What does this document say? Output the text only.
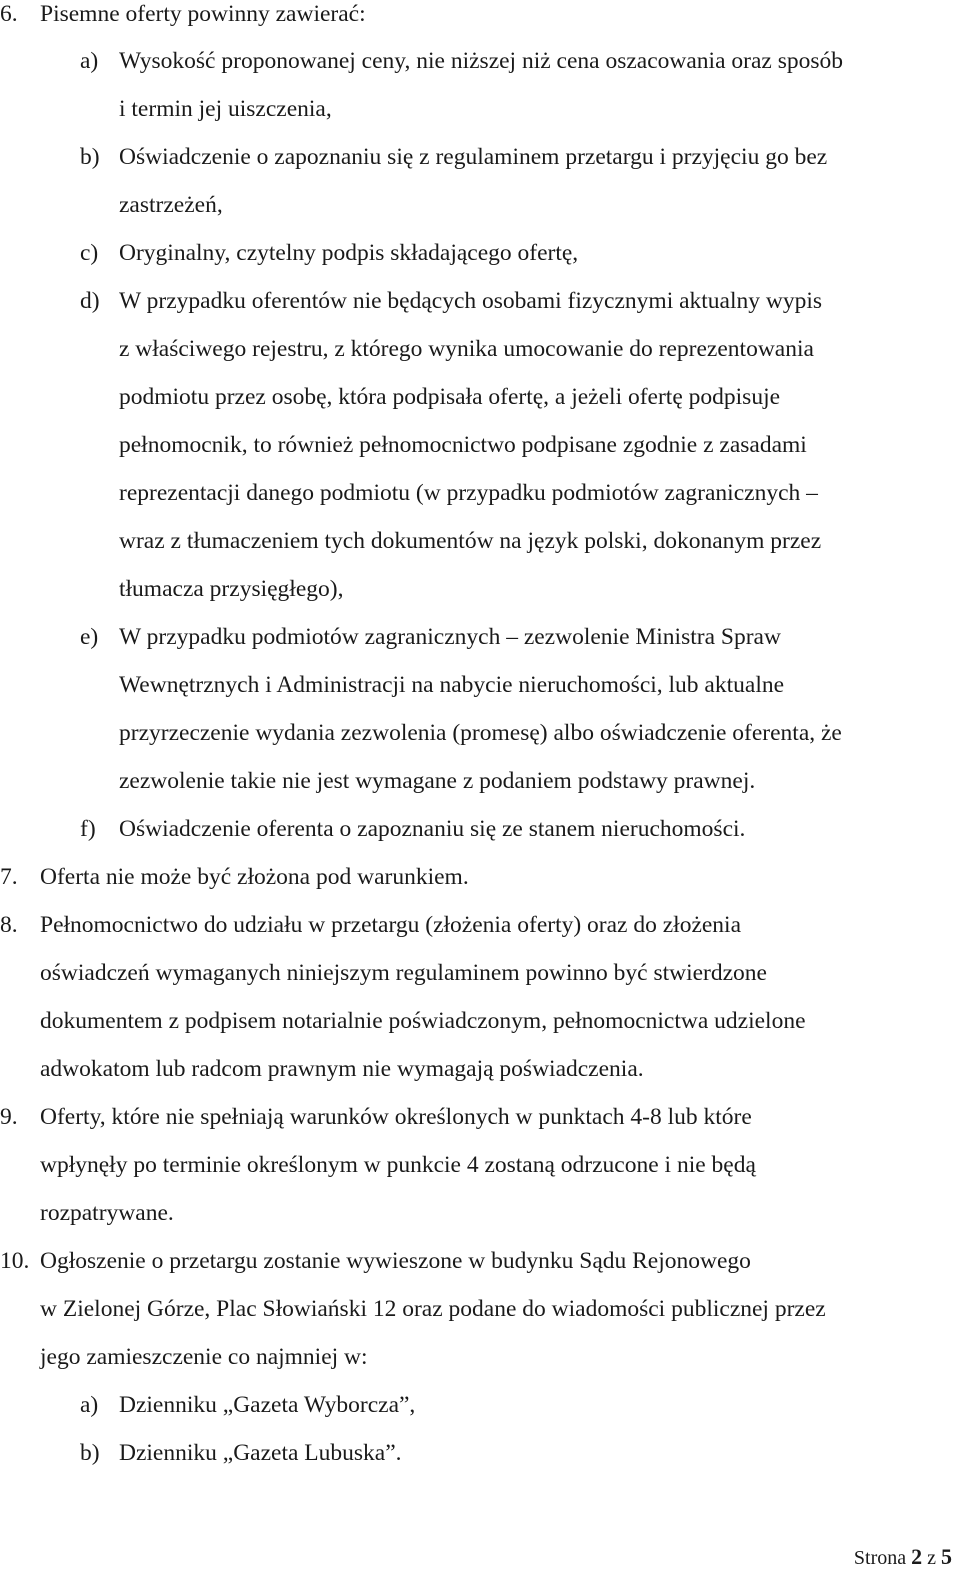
6. Pisemne oferty powinny zawierać:
a) Wysokość proponowanej ceny, nie niższej niż cena oszacowania oraz sposób
i termin jej uiszczenia,
b) Oświadczenie o zapoznaniu się z regulaminem przetargu i przyjęciu go bez
zastrzeżeń,
c) Oryginalny, czytelny podpis składającego ofertę,
d) W przypadku oferentów nie będących osobami fizycznymi aktualny wypis
z właściwego rejestru, z którego wynika umocowanie do reprezentowania
podmiotu przez osobę, która podpisała ofertę, a jeżeli ofertę podpisuje
pełnomocnik, to również pełnomocnictwo podpisane zgodnie z zasadami
reprezentacji danego podmiotu (w przypadku podmiotów zagranicznych –
wraz z tłumaczeniem tych dokumentów na język polski, dokonanym przez
tłumacza przysięgłego),
e) W przypadku podmiotów zagranicznych – zezwolenie Ministra Spraw
Wewnętrznych i Administracji na nabycie nieruchomości, lub aktualne
przyrzeczenie wydania zezwolenia (promesę) albo oświadczenie oferenta, że
zezwolenie takie nie jest wymagane z podaniem podstawy prawnej.
f) Oświadczenie oferenta o zapoznaniu się ze stanem nieruchomości.
7. Oferta nie może być złożona pod warunkiem.
8. Pełnomocnictwo do udziału w przetargu (złożenia oferty) oraz do złożenia
oświadczeń wymaganych niniejszym regulaminem powinno być stwierdzone
dokumentem z podpisem notarialnie poświadczonym, pełnomocnictwa udzielone
adwokatom lub radcom prawnym nie wymagają poświadczenia.
9. Oferty, które nie spełniają warunków określonych w punktach 4-8 lub które
wpłynęły po terminie określonym w punkcie 4 zostaną odrzucone i nie będą
rozpatrywane.
10. Ogłoszenie o przetargu zostanie wywieszone w budynku Sądu Rejonowego
w Zielonej Górze, Plac Słowiański 12 oraz podane do wiadomości publicznej przez
jego zamieszczenie co najmniej w:
a) Dzienniku „Gazeta Wyborcza”,
b) Dzienniku „Gazeta Lubuska”.
Strona 2 z 5
